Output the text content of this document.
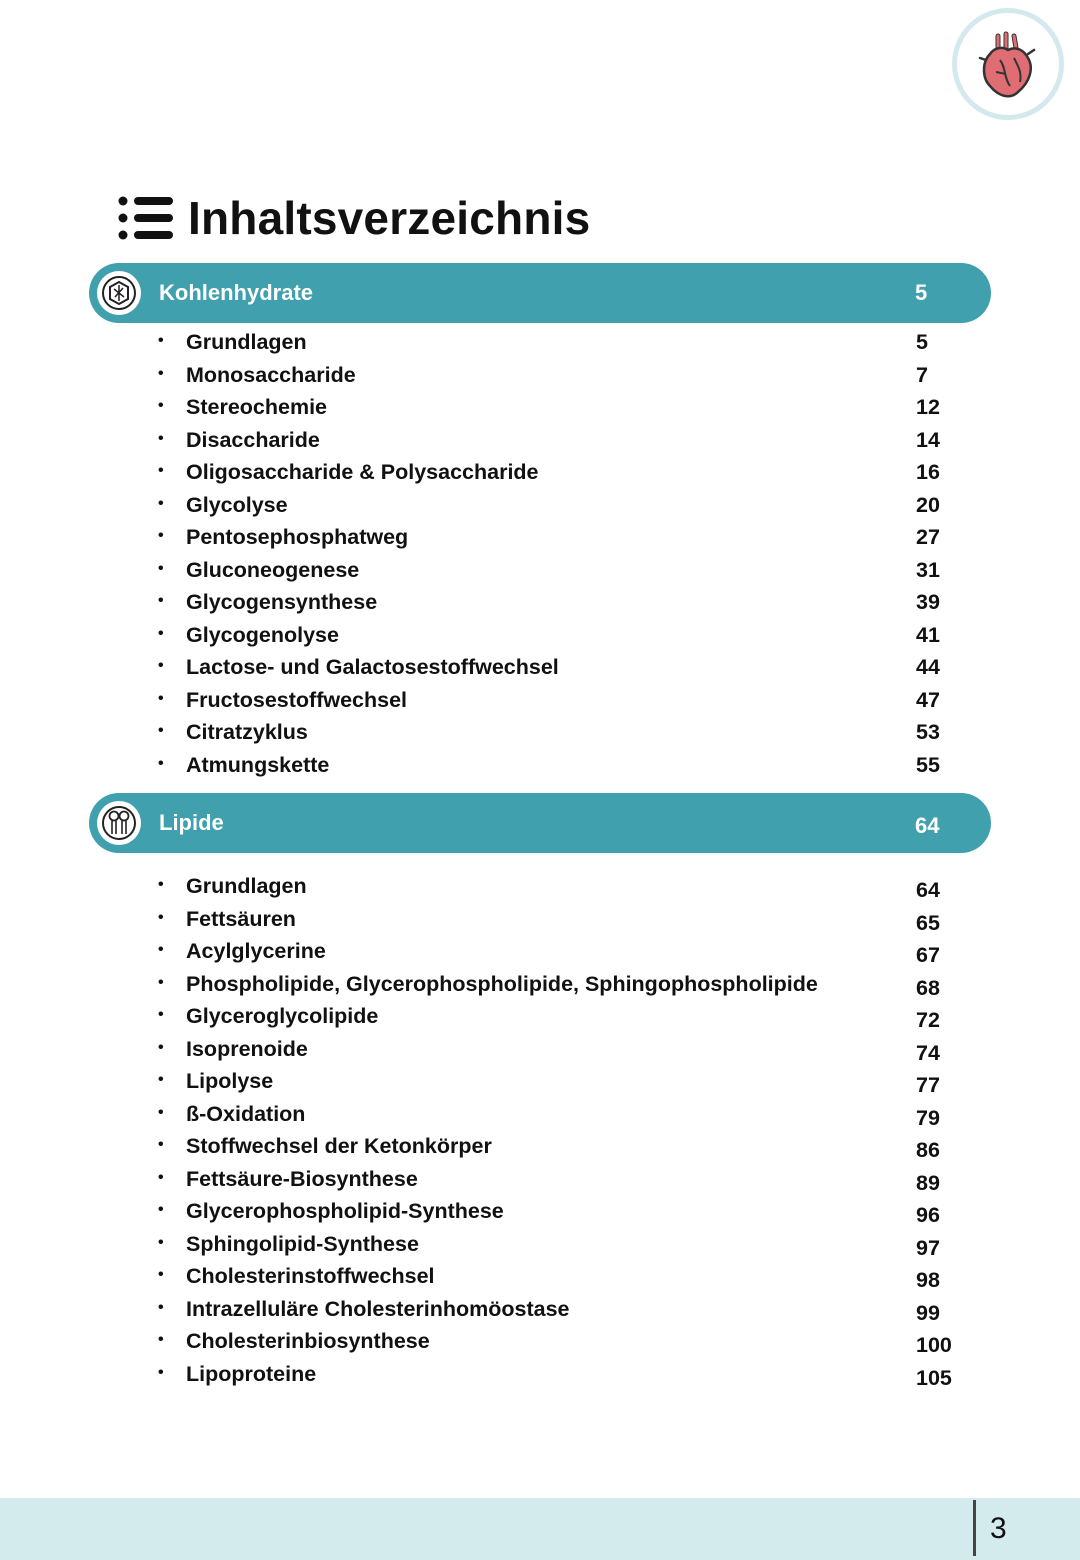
Inhaltsverzeichnis
Kohlenhydrate	5
• Grundlagen	5
• Monosaccharide	7
• Stereochemie	12
• Disaccharide	14
• Oligosaccharide & Polysaccharide	16
• Glycolyse	20
• Pentosephosphatweg	27
• Gluconeogenese	31
• Glycogensynthese	39
• Glycogenolyse	41
• Lactose- und Galactosestoffwechsel	44
• Fructosestoffwechsel	47
• Citratzyklus	53
• Atmungskette	55
Lipide	64
• Grundlagen	64
• Fettsäuren	65
• Acylglycerine	67
• Phospholipide, Glycerophospholipide, Sphingophospholipide	68
• Glyceroglycolipide	72
• Isoprenoide	74
• Lipolyse	77
• ß-Oxidation	79
• Stoffwechsel der Ketonkörper	86
• Fettsäure-Biosynthese	89
• Glycerophospholipid-Synthese	96
• Sphingolipid-Synthese	97
• Cholesterinstoffwechsel	98
• Intrazelluläre Cholesterinhomöostase	99
• Cholesterinbiosynthese	100
• Lipoproteine	105
3
